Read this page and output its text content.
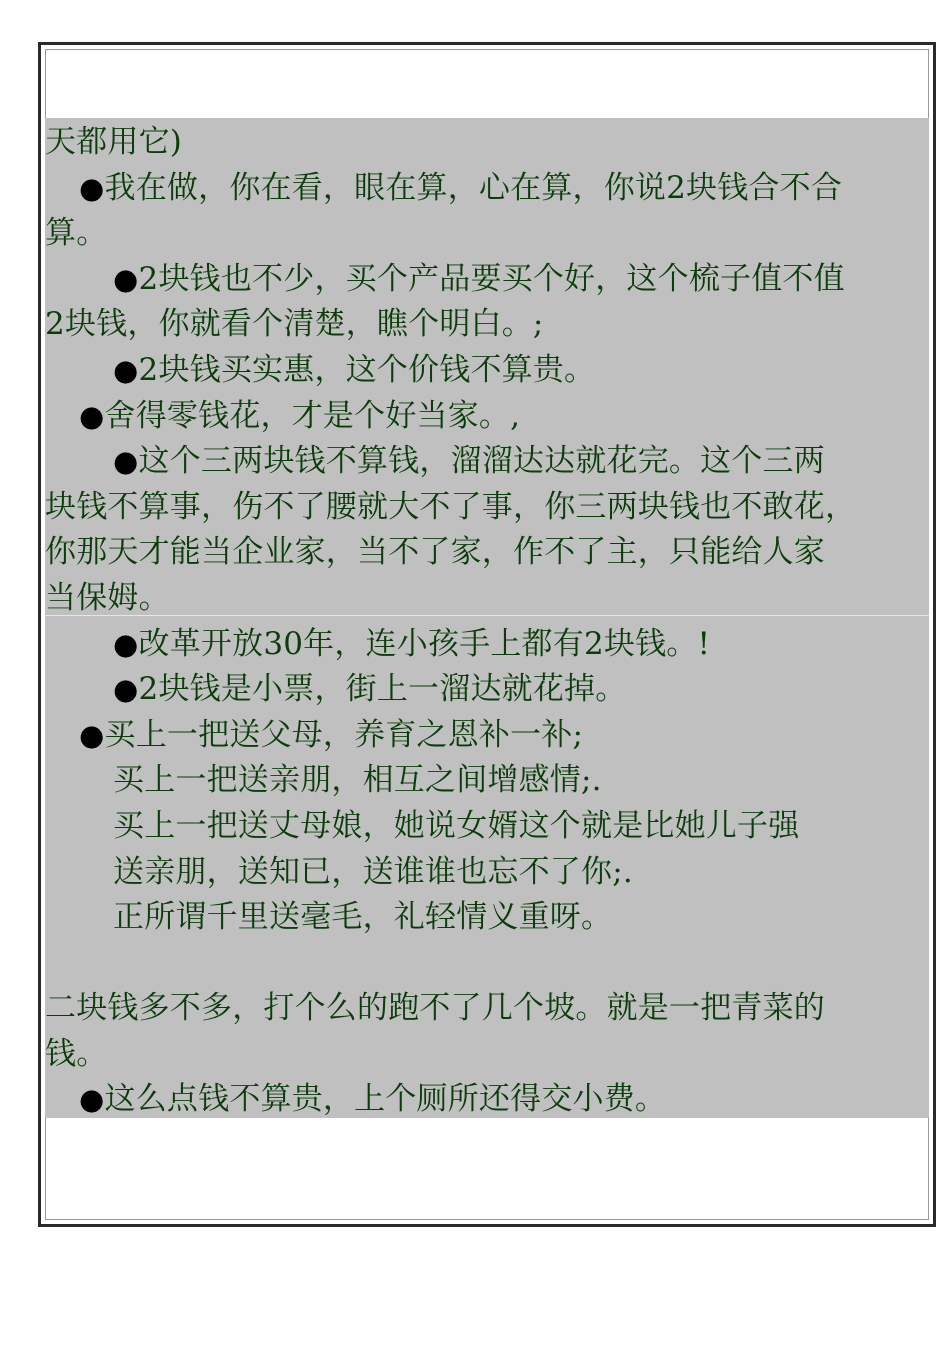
天都用它)
●我在做，你在看，眼在算，心在算，你说2块钱合不合
算。
●2块钱也不少，买个产品要买个好，这个梳子值不值
2块钱，你就看个清楚，瞧个明白。;
●2块钱买实惠，这个价钱不算贵。
●舍得零钱花，才是个好当家。,
●这个三两块钱不算钱，溜溜达达就花完。这个三两
块钱不算事，伤不了腰就大不了事，你三两块钱也不敢花，
你那天才能当企业家，当不了家，作不了主，只能给人家
当保姆。
●改革开放30年，连小孩手上都有2块钱。!
●2块钱是小票，街上一溜达就花掉。
●买上一把送父母，养育之恩补一补;
买上一把送亲朋，相互之间增感情;.
买上一把送丈母娘，她说女婿这个就是比她儿子强
送亲朋，送知已，送谁谁也忘不了你;.
正所谓千里送毫毛，礼轻情义重呀。
二块钱多不多，打个么的跑不了几个坡。就是一把青菜的
钱。
●这么点钱不算贵，上个厕所还得交小费。
